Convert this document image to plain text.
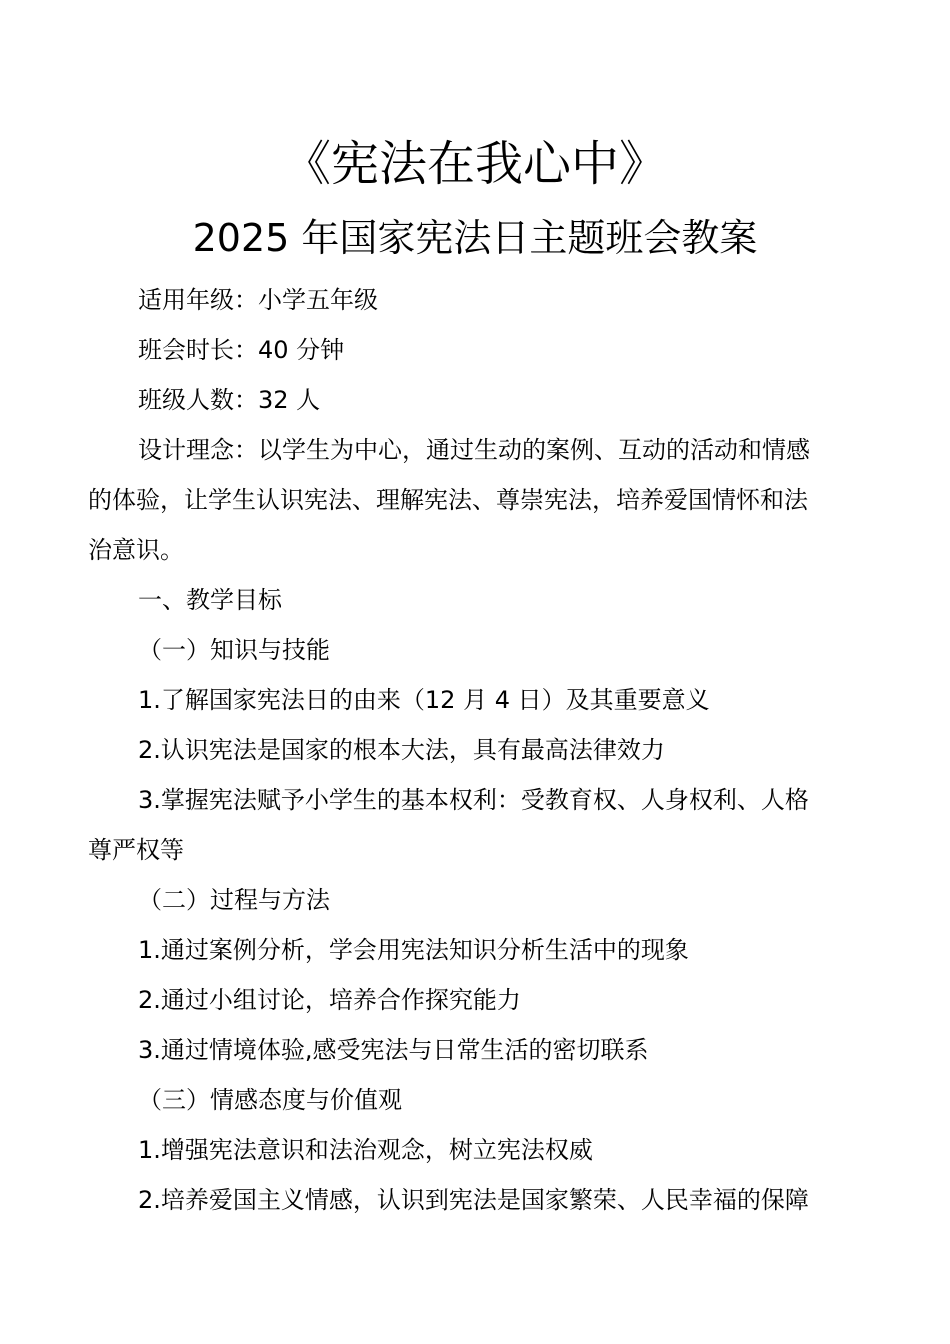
《宪法在我心中》
2025 年国家宪法日主题班会教案
适用年级：小学五年级
班会时长：40 分钟
班级人数：32 人
设计理念：以学生为中心，通过生动的案例、互动的活动和情感
的体验，让学生认识宪法、理解宪法、尊崇宪法，培养爱国情怀和法
治意识。
一、教学目标
（一）知识与技能
1.了解国家宪法日的由来（12 月 4 日）及其重要意义
2.认识宪法是国家的根本大法，具有最高法律效力
3.掌握宪法赋予小学生的基本权利：受教育权、人身权利、人格
尊严权等
（二）过程与方法
1.通过案例分析，学会用宪法知识分析生活中的现象
2.通过小组讨论，培养合作探究能力
3.通过情境体验,感受宪法与日常生活的密切联系
（三）情感态度与价值观
1.增强宪法意识和法治观念，树立宪法权威
2.培养爱国主义情感，认识到宪法是国家繁荣、人民幸福的保障
